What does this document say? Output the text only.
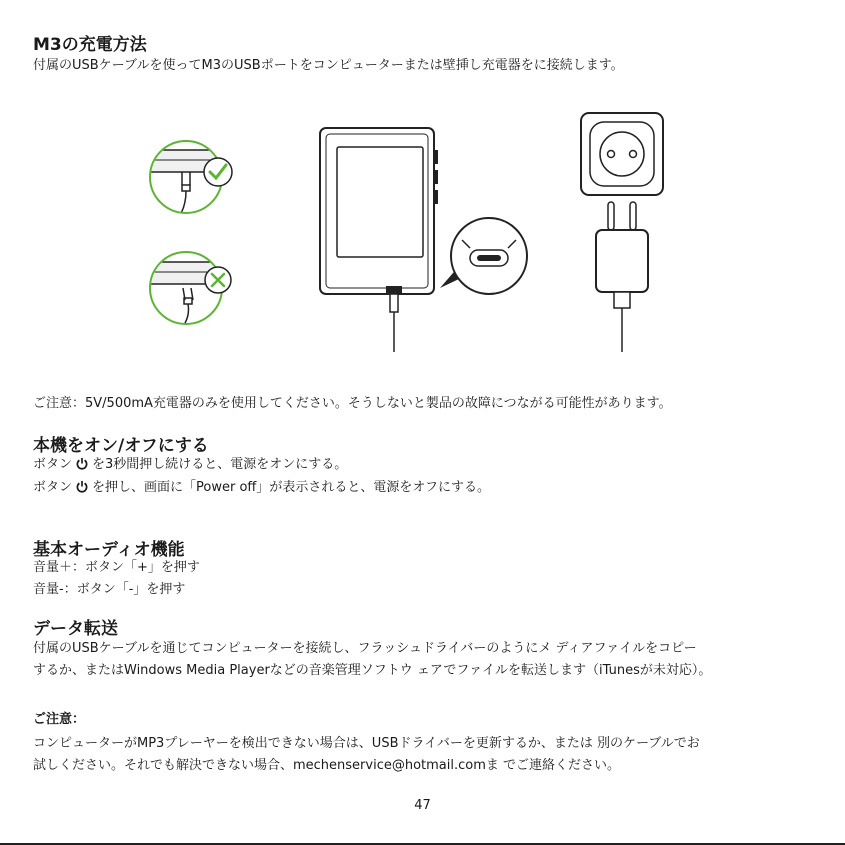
M3の充電方法

付属のUSBケーブルを使ってM3のUSBポートをコンピューターまたは壁挿し充電器をに接続します。

ご注意：5V/500mA充電器のみを使用してください。そうしないと製品の故障につながる可能性があります。

本機をオン/オフにする

ボタン を3秒間押し続けると、電源をオンにする。

ボタン を押し、画面に「Power off」が表示されると、電源をオフにする。

基本オーディオ機能

音量＋：ボタン「+」を押す

音量-：ボタン「-」を押す

データ転送

付属のUSBケーブルを通じてコンピューターを接続し、フラッシュドライバーのようにメ ディアファイルをコピー

するか、またはWindows Media Playerなどの音楽管理ソフトウ ェアでファイルを転送します（iTunesが未対応）。

ご注意：

コンピューターがMP3プレーヤーを検出できない場合は、USBドライバーを更新するか、または 別のケーブルでお

試しください。それでも解決できない場合、mechenservice@hotmail.comま でご連絡ください。

47
